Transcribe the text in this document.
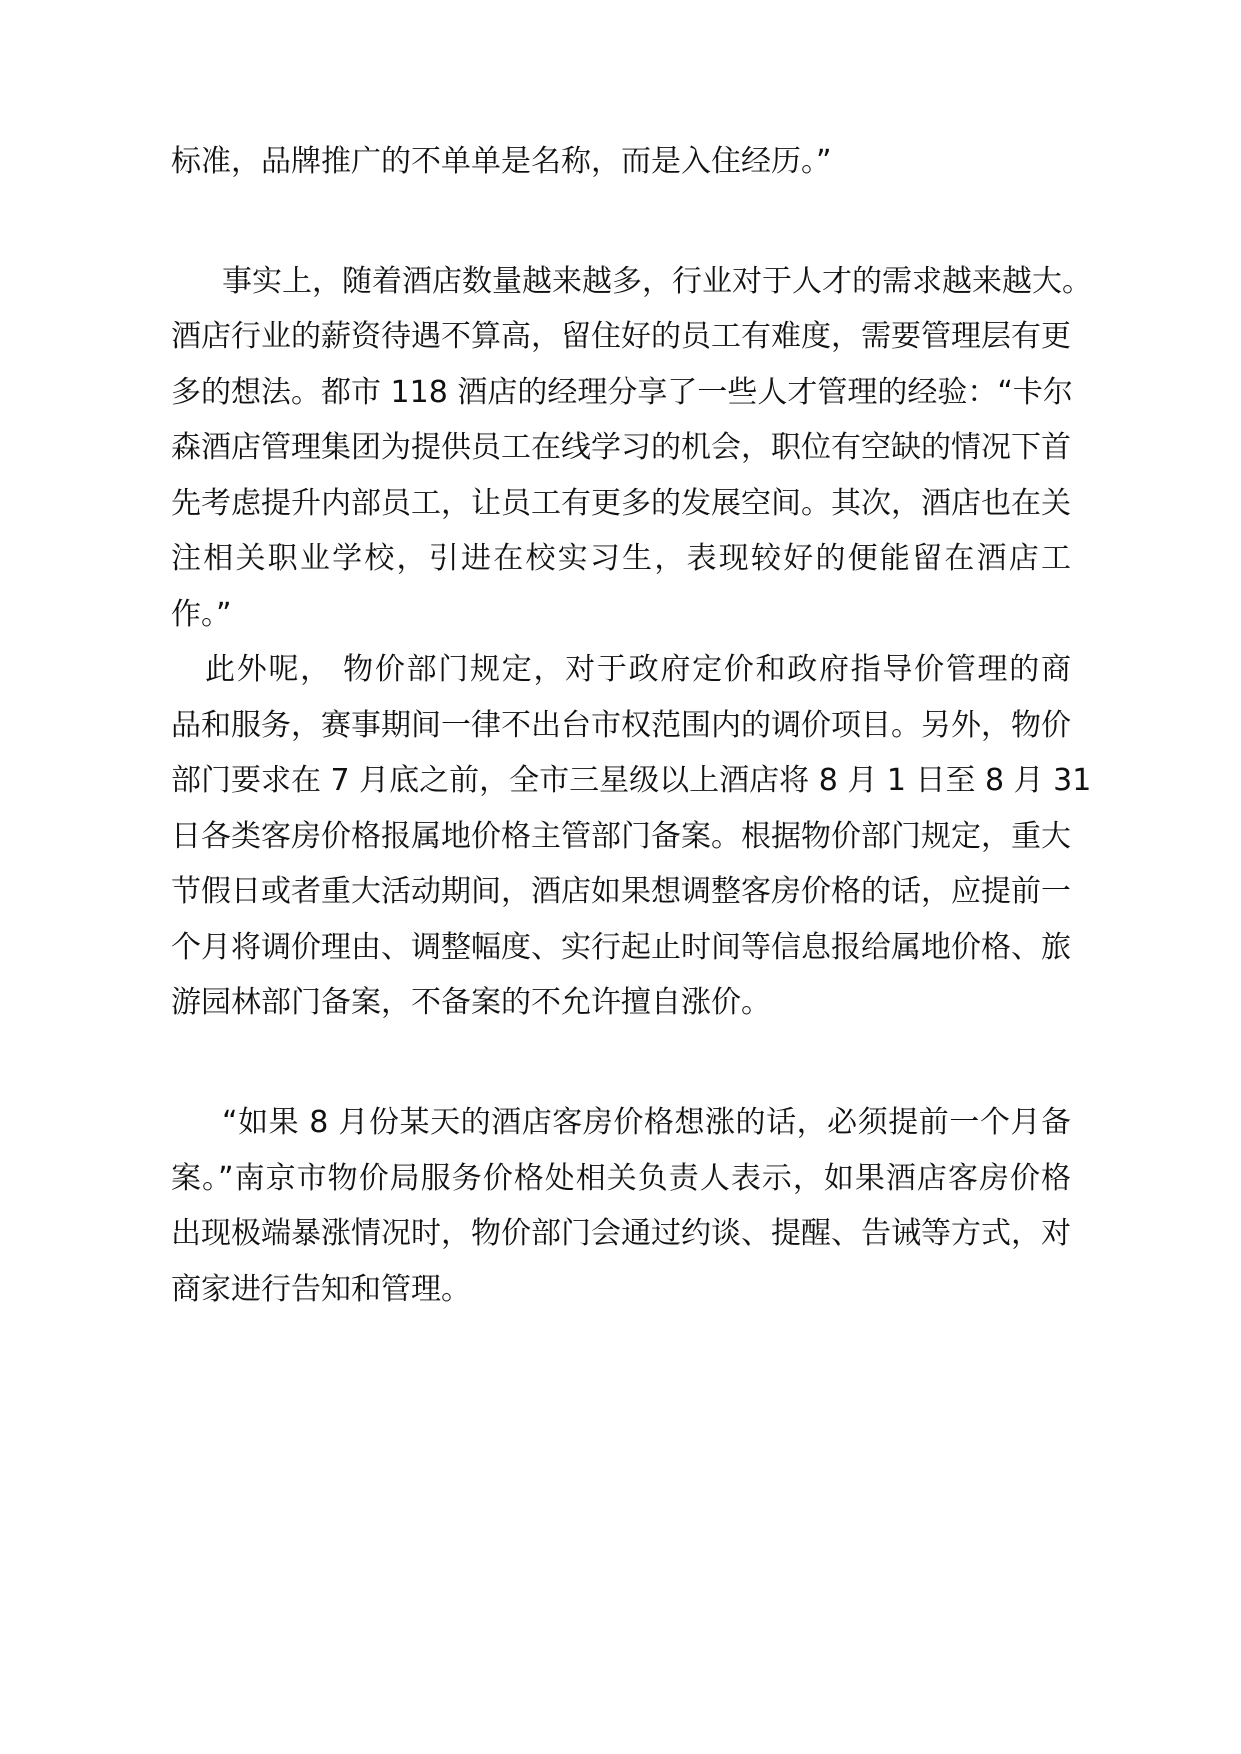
标准，品牌推广的不单单是名称，而是入住经历。”
事实上，随着酒店数量越来越多，行业对于人才的需求越来越大。
酒店行业的薪资待遇不算高，留住好的员工有难度，需要管理层有更
多的想法。都市 118 酒店的经理分享了一些人才管理的经验：“卡尔
森酒店管理集团为提供员工在线学习的机会，职位有空缺的情况下首
先考虑提升内部员工，让员工有更多的发展空间。其次，酒店也在关
注相关职业学校，引进在校实习生，表现较好的便能留在酒店工
作。”
此外呢， 物价部门规定，对于政府定价和政府指导价管理的商
品和服务，赛事期间一律不出台市权范围内的调价项目。另外，物价
部门要求在 7 月底之前，全市三星级以上酒店将 8 月 1 日至 8 月 31
日各类客房价格报属地价格主管部门备案。根据物价部门规定，重大
节假日或者重大活动期间，酒店如果想调整客房价格的话，应提前一
个月将调价理由、调整幅度、实行起止时间等信息报给属地价格、旅
游园林部门备案，不备案的不允许擅自涨价。
“如果 8 月份某天的酒店客房价格想涨的话，必须提前一个月备
案。”南京市物价局服务价格处相关负责人表示，如果酒店客房价格
出现极端暴涨情况时，物价部门会通过约谈、提醒、告诫等方式，对
商家进行告知和管理。
